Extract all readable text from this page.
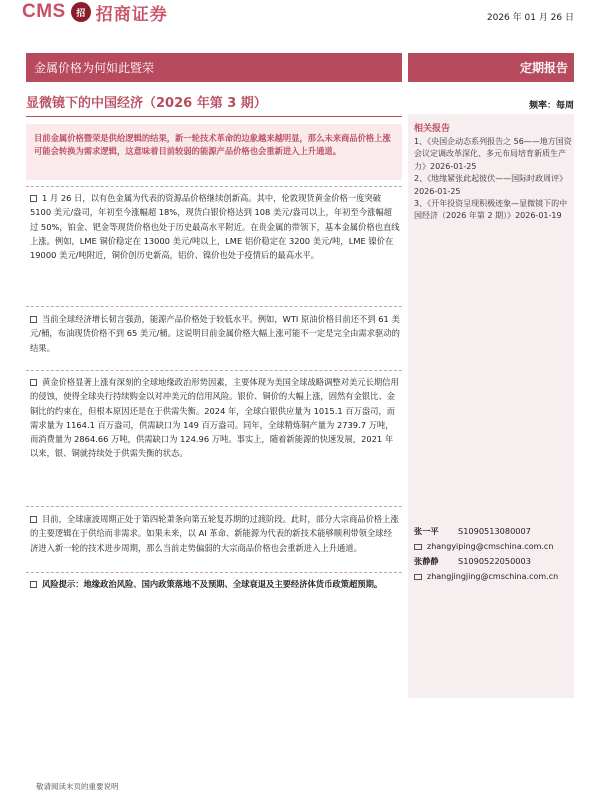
CMS	招 招商证券	2026 年 01 月 26 日
金属价格为何如此暨荣	定期报告
显微镜下的中国经济（2026 年第 3 期）	频率：每周
目前金属价格暨荣是供给逻辑的结果，新一轮技术革命的边象越来越明显，那么未来商品价格上涨可能会转换为需求逻辑，这意味着目前较弱的能源产品价格也会重新进入上升通道。
1 月 26 日，以有色金属为代表的资源品价格继续创新高。其中，伦敦现货黄金价格一度突破 5100 美元/盎司，年初至今涨幅超 18%，现货白银价格达到 108 美元/盎司以上，年初至今涨幅超过 50%，铂金、钯金等现货价格也处于历史最高水平附近。在贵金属的带领下，基本金属价格也直线上涨。例如，LME 铜价稳定在 13000 美元/吨以上，LME 铝价稳定在 3200 美元/吨，LME 镍价在 19000 美元/吨附近，铜价创历史新高，铝价、镍价也处于疫情后的最高水平。
当前全球经济增长韧言强劲，能源产品价格处于较低水平。例如，WTI 原油价格目前还不到 61 美元/桶，布油现货价格不到 65 美元/桶。这说明目前金属价格大幅上涨可能不一定是完全由需求驱动的结果。
黄金价格显著上涨有深刻的全球地缘政治形势因素，主要体现为美国全球战略调整对美元长期信用的侵蚀，使得全球央行持续购金以对冲美元的信用风险。银价、铜价的大幅上涨，固然有金银比、金铜比的约束在，但根本原因还是在于供需失衡。2024 年，全球白银供应量为 1015.1 百万盎司，而需求量为 1164.1 百万盎司，供需缺口为 149 百万盎司。同年，全球精炼铜产量为 2739.7 万吨，而消费量为 2864.66 万吨，供需缺口为 124.96 万吨。事实上，随着新能源的快速发展，2021 年以来，银、铜就持续处于供需失衡的状态。
目前，全球康波周期正处于第四轮萧条向第五轮复苏期的过渡阶段。此时，部分大宗商品价格上涨的主要逻辑在于供给而非需求。如果未来，以 AI 革命、新能源为代表的新技术能够顺利带领全球经济进入新一轮的技术进步周期，那么当前走势偏弱的大宗商品价格也会重新进入上升通道。
风险提示：地缘政治风险、国内政策落地不及预期、全球衰退及主要经济体货币政策超预期。
相关报告
1、《央国企动态系列报告之 56——地方国资会议定调改革深化、多元布局培育新质生产力》2026-01-25
2、《地缘紧张此起彼伏——国际时政周评》2026-01-25
3、《开年投资呈现积极迹象—显微镜下的中国经济（2026 年第 2 期）》2026-01-19
张一平 S1090513080007
zhangyiping@cmschina.com.cn
张静静 S1090522050003
zhangjingjing@cmschina.com.cn
敬请阅读末页的重要说明
